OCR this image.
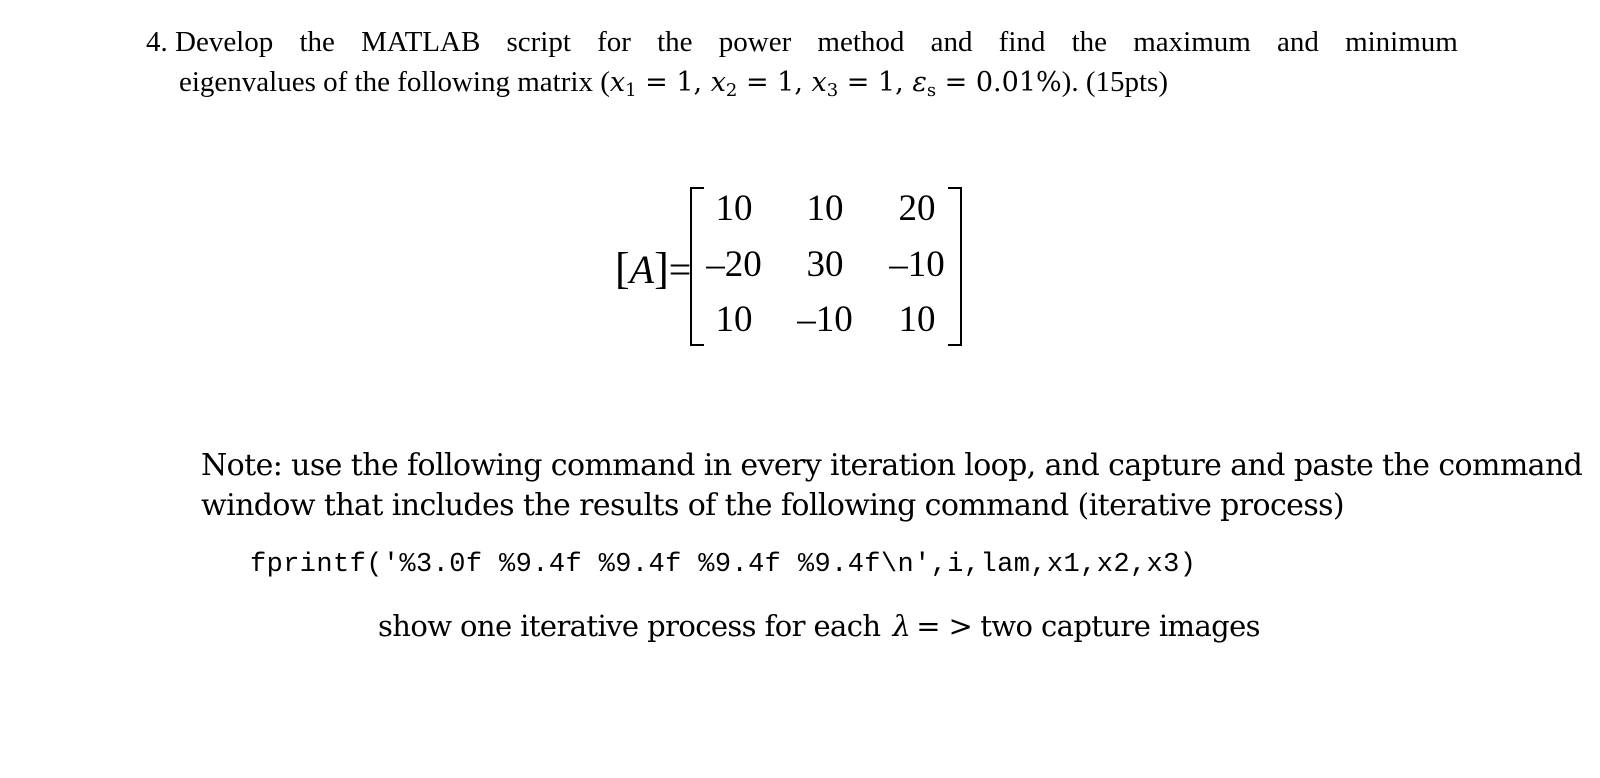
4. Develop the MATLAB script for the power method and find the maximum and minimum
eigenvalues of the following matrix ($x_1 = 1$, $x_2 = 1$, $x_3 = 1$, $\varepsilon_s = 0.01\%$). (15pts)
[A]=
10	10	20
–20	30	–10
10	–10	10
Note: use the following command in every iteration loop, and capture and paste the command
window that includes the results of the following command (iterative process)
fprintf('%3.0f %9.4f %9.4f %9.4f %9.4f\n',i,lam,x1,x2,x3)
show one iterative process for each λ = > two capture images
